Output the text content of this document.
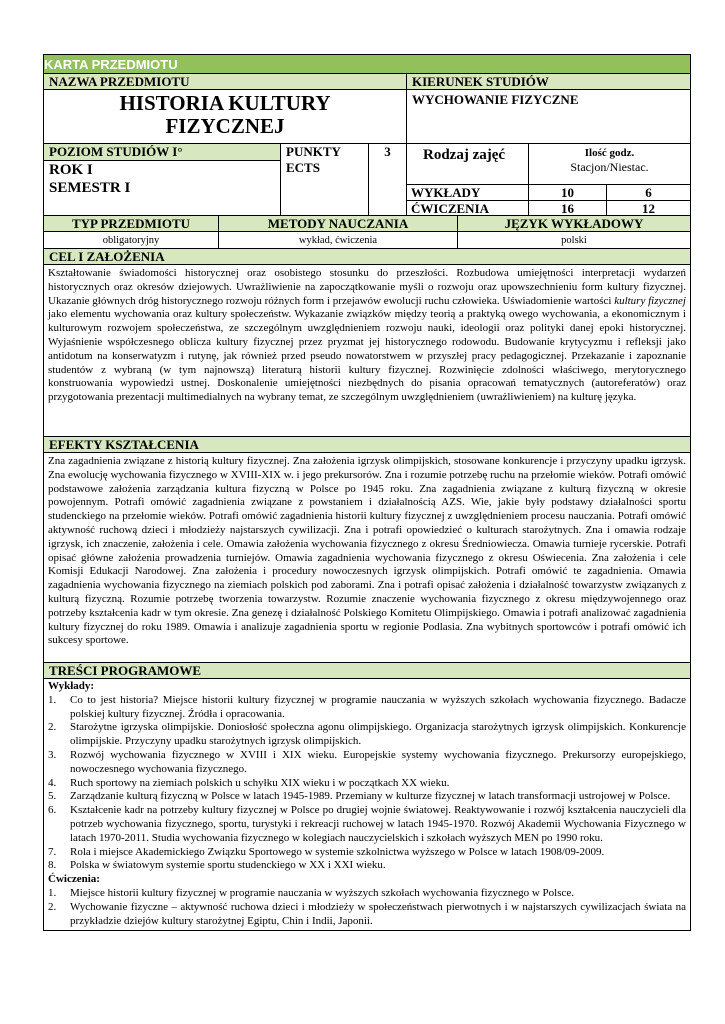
KARTA PRZEDMIOTU
NAZWA PRZEDMIOTU	KIERUNEK STUDIÓW
HISTORIA KULTURY FIZYCZNEJ
WYCHOWANIE FIZYCZNE
POZIOM STUDIÓW I°
ROK I
SEMESTR I
PUNKTY ECTS
3	Rodzaj zajęć	Ilość godz.
Stacjon/Niestac.
WYKŁADY	10	6
ĆWICZENIA	16	12
TYP PRZEDMIOTU	METODY NAUCZANIA	JĘZYK WYKŁADOWY
obligatoryjny	wykład, ćwiczenia	polski
CEL I ZAŁOŻENIA
Kształtowanie świadomości historycznej oraz osobistego stosunku do przeszłości. Rozbudowa umiejętności interpretacji wydarzeń historycznych oraz okresów dziejowych. Uwrażliwienie na zapoczątkowanie myśli o rozwoju oraz upowszechnieniu form kultury fizycznej. Ukazanie głównych dróg historycznego rozwoju różnych form i przejawów ewolucji ruchu człowieka. Uświadomienie wartości kultury fizycznej jako elementu wychowania oraz kultury społeczeństw. Wykazanie związków między teorią a praktyką owego wychowania, a ekonomicznym i kulturowym rozwojem społeczeństwa, ze szczególnym uwzględnieniem rozwoju nauki, ideologii oraz polityki danej epoki historycznej. Wyjaśnienie współczesnego oblicza kultury fizycznej przez pryzmat jej historycznego rodowodu. Budowanie krytycyzmu i refleksji jako antidotum na konserwatyzm i rutynę, jak również przed pseudo nowatorstwem w przyszłej pracy pedagogicznej. Przekazanie i zapoznanie studentów z wybraną (w tym najnowszą) literaturą historii kultury fizycznej. Rozwinięcie zdolności właściwego, merytorycznego konstruowania wypowiedzi ustnej. Doskonalenie umiejętności niezbędnych do pisania opracowań tematycznych (autoreferatów) oraz przygotowania prezentacji multimedialnych na wybrany temat, ze szczególnym uwzględnieniem (uwrażliwieniem) na kulturę języka.
EFEKTY KSZTAŁCENIA
Zna zagadnienia związane z historią kultury fizycznej. Zna założenia igrzysk olimpijskich, stosowane konkurencje i przyczyny upadku igrzysk. Zna ewolucję wychowania fizycznego w XVIII-XIX w. i jego prekursorów. Zna i rozumie potrzebę ruchu na przełomie wieków. Potrafi omówić podstawowe założenia zarządzania kultura fizyczną w Polsce po 1945 roku. Zna zagadnienia związane z kulturą fizyczną w okresie powojennym. Potrafi omówić zagadnienia związane z powstaniem i działalnością AZS. Wie, jakie były podstawy działalności sportu studenckiego na przełomie wieków. Potrafi omówić zagadnienia historii kultury fizycznej z uwzględnieniem procesu nauczania. Potrafi omówić aktywność ruchową dzieci i młodzieży najstarszych cywilizacji. Zna i potrafi opowiedzieć o kulturach starożytnych. Zna i omawia rodzaje igrzysk, ich znaczenie, założenia i cele. Omawia założenia wychowania fizycznego z okresu Średniowiecza. Omawia turnieje rycerskie. Potrafi opisać główne założenia prowadzenia turniejów. Omawia zagadnienia wychowania fizycznego z okresu Oświecenia. Zna założenia i cele Komisji Edukacji Narodowej. Zna założenia i procedury nowoczesnych igrzysk olimpijskich. Potrafi omówić te zagadnienia. Omawia zagadnienia wychowania fizycznego na ziemiach polskich pod zaborami. Zna i potrafi opisać założenia i działalność towarzystw związanych z kulturą fizyczną. Rozumie potrzebę tworzenia towarzystw. Rozumie znaczenie wychowania fizycznego z okresu międzywojennego oraz potrzeby kształcenia kadr w tym okresie. Zna genezę i działalność Polskiego Komitetu Olimpijskiego. Omawia i potrafi analizować zagadnienia kultury fizycznej do roku 1989. Omawia i analizuje zagadnienia sportu w regionie Podlasia. Zna wybitnych sportowców i potrafi omówić ich sukcesy sportowe.
TREŚCI PROGRAMOWE
Wykłady:
1.	Co to jest historia? Miejsce historii kultury fizycznej w programie nauczania w wyższych szkołach wychowania fizycznego. Badacze polskiej kultury fizycznej. Źródła i opracowania.
2.	Starożytne igrzyska olimpijskie. Doniosłość społeczna agonu olimpijskiego. Organizacja starożytnych igrzysk olimpijskich. Konkurencje olimpijskie. Przyczyny upadku starożytnych igrzysk olimpijskich.
3.	Rozwój wychowania fizycznego w XVIII i XIX wieku. Europejskie systemy wychowania fizycznego. Prekursorzy europejskiego, nowoczesnego wychowania fizycznego.
4.	Ruch sportowy na ziemiach polskich u schyłku XIX wieku i w początkach XX wieku.
5.	Zarządzanie kulturą fizyczną w Polsce w latach 1945-1989. Przemiany w kulturze fizycznej w latach transformacji ustrojowej w Polsce.
6.	Kształcenie kadr na potrzeby kultury fizycznej w Polsce po drugiej wojnie światowej. Reaktywowanie i rozwój kształcenia nauczycieli dla potrzeb wychowania fizycznego, sportu, turystyki i rekreacji ruchowej w latach 1945-1970. Rozwój Akademii Wychowania Fizycznego w latach 1970-2011. Studia wychowania fizycznego w kolegiach nauczycielskich i szkołach wyższych MEN po 1990 roku.
7.	Rola i miejsce Akademickiego Związku Sportowego w systemie szkolnictwa wyższego w Polsce w latach 1908/09-2009.
8.	Polska w światowym systemie sportu studenckiego w XX i XXI wieku.
Ćwiczenia:
1.	Miejsce historii kultury fizycznej w programie nauczania w wyższych szkołach wychowania fizycznego w Polsce.
2.	Wychowanie fizyczne – aktywność ruchowa dzieci i młodzieży w społeczeństwach pierwotnych i w najstarszych cywilizacjach świata na przykładzie dziejów kultury starożytnej Egiptu, Chin i Indii, Japonii.
